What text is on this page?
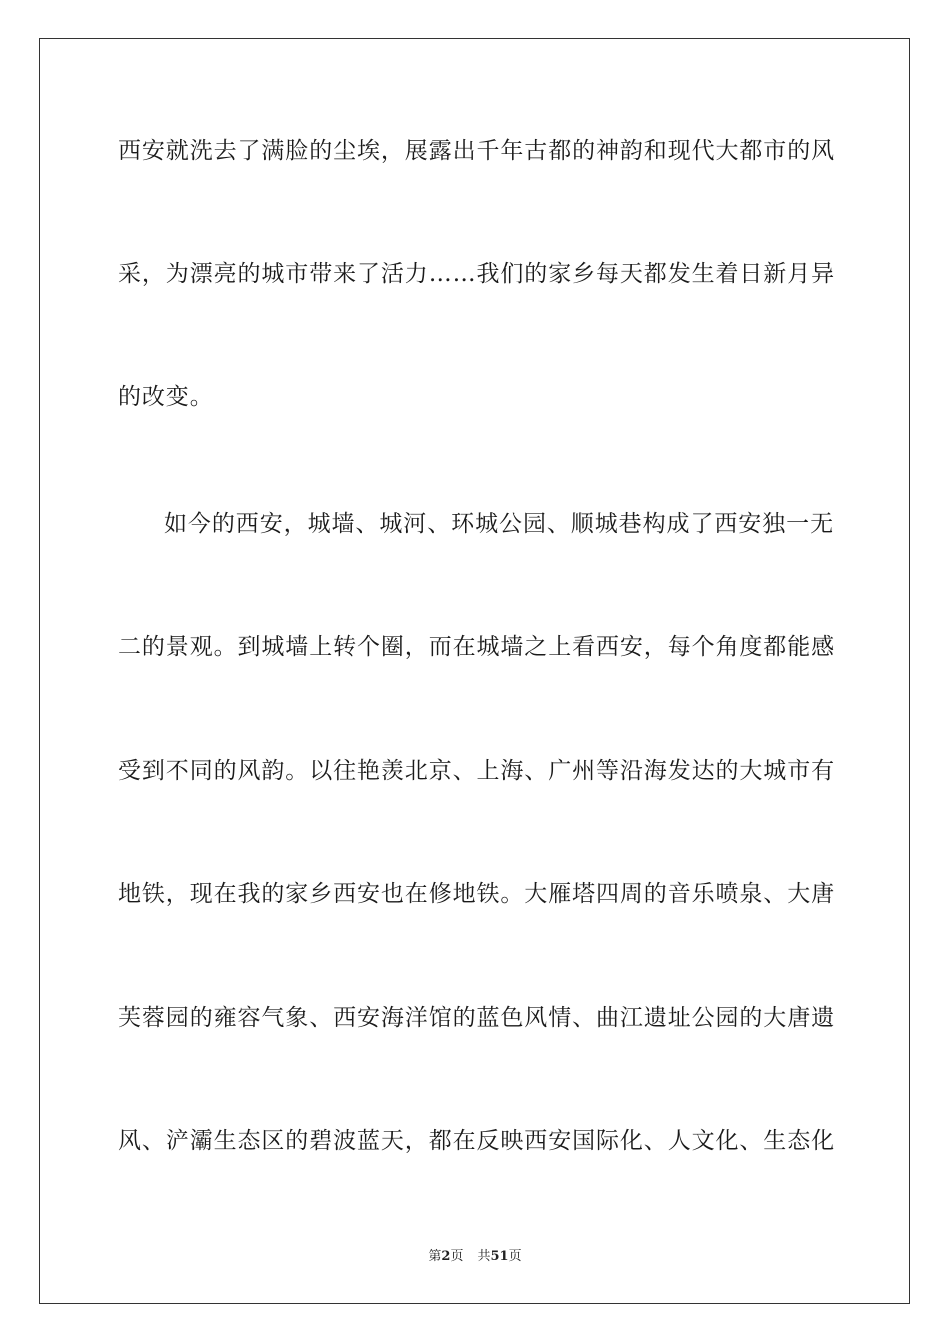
西安就洗去了满脸的尘埃，展露出千年古都的神韵和现代大都市的风
采，为漂亮的城市带来了活力……我们的家乡每天都发生着日新月异
的改变。
如今的西安，城墙、城河、环城公园、顺城巷构成了西安独一无
二的景观。到城墙上转个圈，而在城墙之上看西安，每个角度都能感
受到不同的风韵。以往艳羡北京、上海、广州等沿海发达的大城市有
地铁，现在我的家乡西安也在修地铁。大雁塔四周的音乐喷泉、大唐
芙蓉园的雍容气象、西安海洋馆的蓝色风情、曲江遗址公园的大唐遗
风、浐灞生态区的碧波蓝天，都在反映西安国际化、人文化、生态化
第2页 共51页
